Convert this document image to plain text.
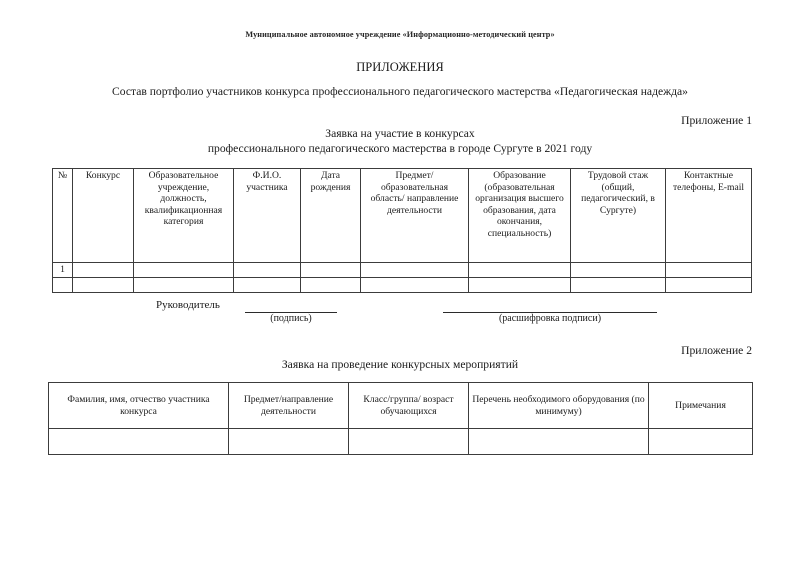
Муниципальное автономное учреждение «Информационно-методический центр»
ПРИЛОЖЕНИЯ
Состав портфолио участников конкурса профессионального педагогического мастерства «Педагогическая надежда»
Приложение 1
Заявка на участие в конкурсах
профессионального педагогического мастерства в городе Сургуте в 2021 году
№	Конкурс	Образовательное учреждение, должность, квалификационная категория	Ф.И.О. участника	Дата рождения	Предмет/ образовательная область/ направление деятельности	Образование (образовательная организация высшего образования, дата окончания, специальность)	Трудовой стаж (общий, педагогический, в Сургуте)	Контактные телефоны, E-mail
1								

Руководитель
(подпись)	(расшифровка подписи)
Приложение 2
Заявка на проведение конкурсных мероприятий
Фамилия, имя, отчество участника конкурса	Предмет/направление деятельности	Класс/группа/ возраст обучающихся	Перечень необходимого оборудования (по минимуму)	Примечания
